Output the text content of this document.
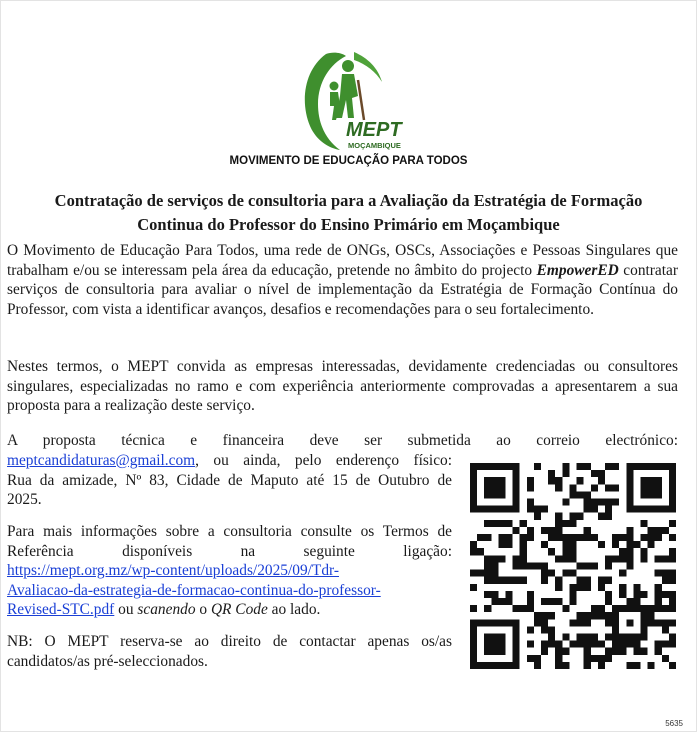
MEPT
MOÇAMBIQUE
MOVIMENTO DE EDUCAÇÃO PARA TODOS
Contratação de serviços de consultoria para a Avaliação da Estratégia de Formação
Continua do Professor do Ensino Primário em Moçambique

O Movimento de Educação Para Todos, uma rede de ONGs, OSCs, Associações e Pessoas Singulares que trabalham e/ou se interessam pela área da educação, pretende no âmbito do projecto EmpowerED contratar serviços de consultoria para avaliar o nível de implementação da Estratégia de Formação Contínua do Professor, com vista a identificar avanços, desafios e recomendações para o seu fortalecimento.

Nestes termos, o MEPT convida as empresas interessadas, devidamente credenciadas ou consultores singulares, especializadas no ramo e com experiência anteriormente comprovadas a apresentarem a sua proposta para a realização deste serviço.

A proposta técnica e financeira deve ser submetida ao correio electrónico:

meptcandidaturas@gmail.com, ou ainda, pelo enderenço físico:
Rua da amizade, Nº 83, Cidade de Maputo até 15 de Outubro de
2025.

Para mais informações sobre a consultoria consulte os Termos de
Referência disponíveis na seguinte ligação:
https://mept.org.mz/wp-content/uploads/2025/09/Tdr-
Avaliacao-da-estrategia-de-formacao-continua-do-professor-
Revised-STC.pdf ou scanendo o QR Code ao lado.

NB: O MEPT reserva-se ao direito de contactar apenas os/as
candidatos/as pré-seleccionados.

5635
